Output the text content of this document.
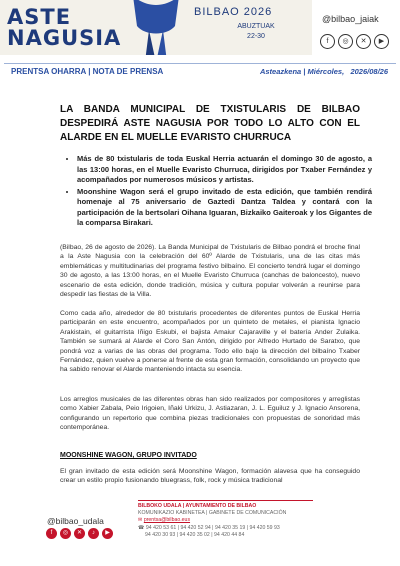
ASTE
NAGUSIA
BILBAO 2026
ABUZTUAK
22-30
@bilbao_jaiak
f	◎	✕	▶
PRENTSA OHARRA | NOTA DE PRENSA	Asteazkena | Miércoles, 2026/08/26
LA BANDA MUNICIPAL DE TXISTULARIS DE BILBAO DESPEDIRÁ ASTE NAGUSIA POR TODO LO ALTO CON EL ALARDE EN EL MUELLE EVARISTO CHURRUCA
• Más de 80 txistularis de toda Euskal Herria actuarán el domingo 30 de agosto, a las 13:00 horas, en el Muelle Evaristo Churruca, dirigidos por Txaber Fernández y acompañados por numerosos músicos y artistas.
• Moonshine Wagon será el grupo invitado de esta edición, que también rendirá homenaje al 75 aniversario de Gaztedi Dantza Taldea y contará con la participación de la bertsolari Oihana Iguaran, Bizkaiko Gaiteroak y los Gigantes de la comparsa Birakari.

(Bilbao, 26 de agosto de 2026). La Banda Municipal de Txistularis de Bilbao pondrá el broche final a la Aste Nagusia con la celebración del 60º Alarde de Txistularis, una de las citas más emblemáticas y multitudinarias del programa festivo bilbaíno. El concierto tendrá lugar el domingo 30 de agosto, a las 13:00 horas, en el Muelle Evaristo Churruca (canchas de baloncesto), nuevo escenario de esta edición, donde tradición, música y cultura popular volverán a reunirse para despedir las fiestas de la Villa.

Como cada año, alrededor de 80 txistularis procedentes de diferentes puntos de Euskal Herria participarán en este encuentro, acompañados por un quinteto de metales, el pianista Ignacio Arakistain, el guitarrista Iñigo Eskubi, el bajista Amaiur Cajaraville y el batería Ander Zulaika. También se sumará al Alarde el Coro San Antón, dirigido por Alfredo Hurtado de Saratxo, que pondrá voz a varias de las obras del programa. Todo ello bajo la dirección del bilbaíno Txaber Fernández, quien vuelve a ponerse al frente de esta gran formación, consolidando un proyecto que ha sabido renovar el Alarde manteniendo intacta su esencia.

Los arreglos musicales de las diferentes obras han sido realizados por compositores y arreglistas como Xabier Zabala, Peio Irigoien, Iñaki Urkizu, J. Astiazaran, J. L. Eguiluz y J. Ignacio Ansorena, configurando un repertorio que combina piezas tradicionales con propuestas de sonoridad más contemporánea.

MOONSHINE WAGON, GRUPO INVITADO

El gran invitado de esta edición será Moonshine Wagon, formación alavesa que ha conseguido crear un estilo propio fusionando bluegrass, folk, rock y música tradicional

@bilbao_udala
f	◎	✕	♪	▶
BILBOKO UDALA | AYUNTAMIENTO DE BILBAO
KOMUNIKAZIO KABINETEA | GABINETE DE COMUNICACIÓN
✉ prentsa@bilbao.eus
☎ 94 420 53 61 | 94 420 52 94 | 94 420 35 19 | 94 420 59 93
94 420 30 93 | 94 420 35 02 | 94 420 44 84
